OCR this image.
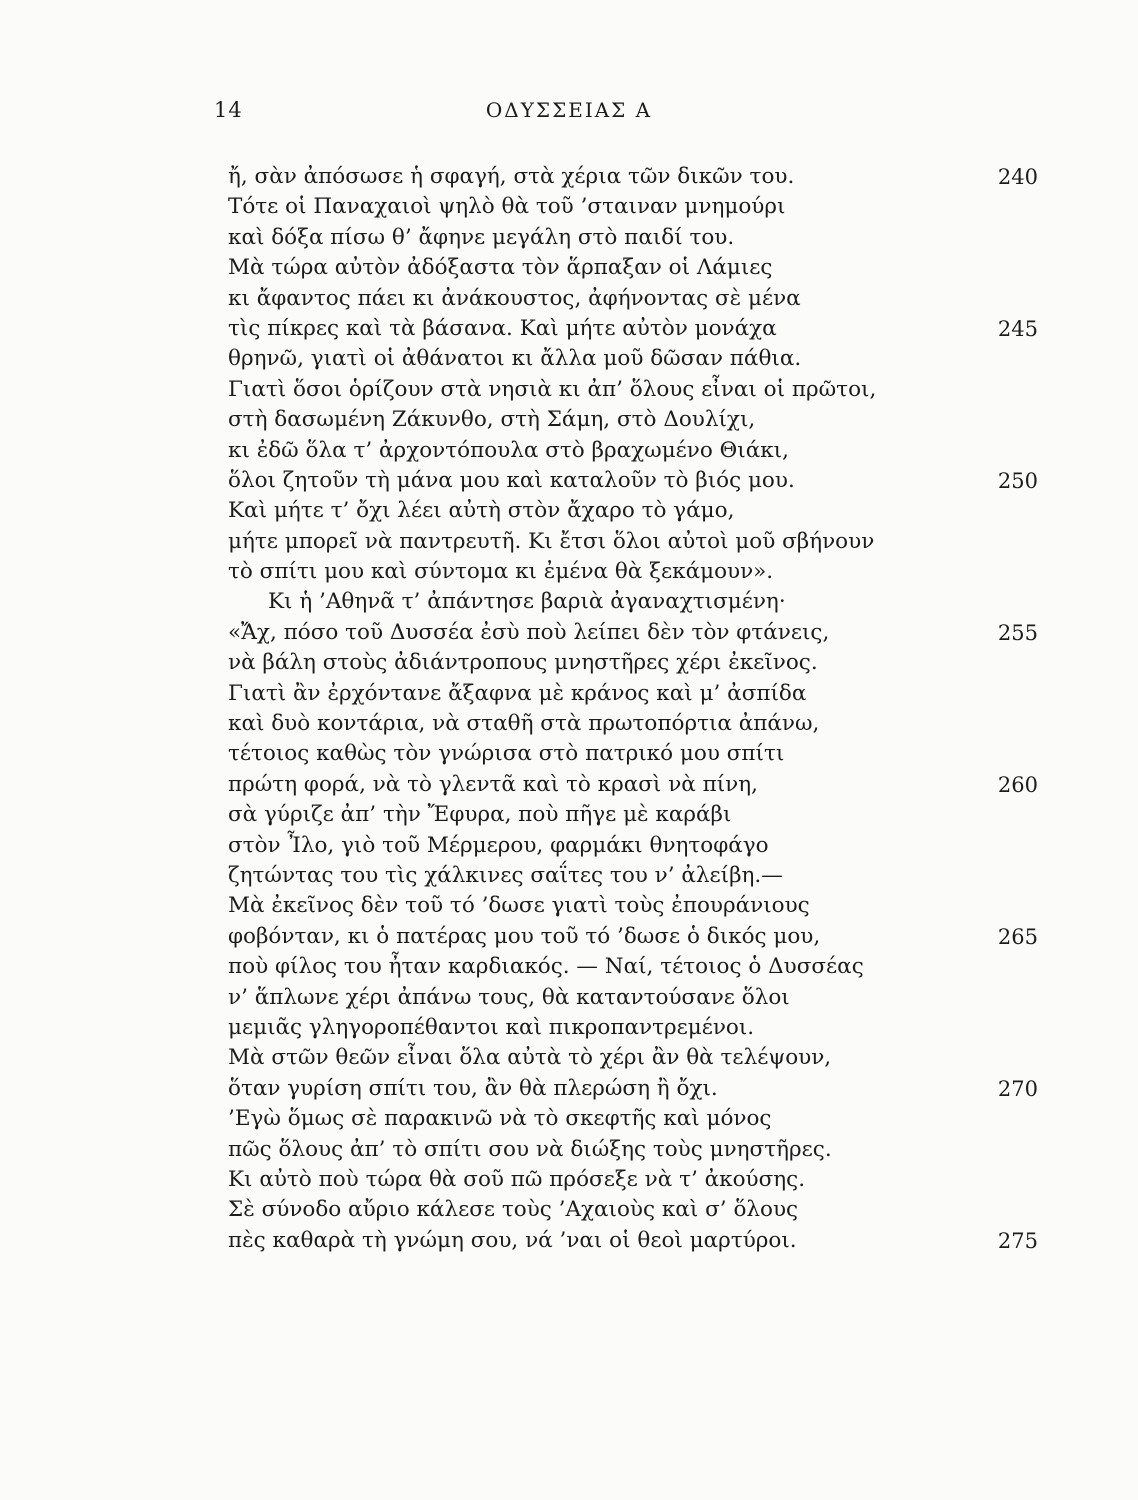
14	ΟΔΥΣΣΕΙΑΣ Α
ἤ, σὰν ἀπόσωσε ἡ σφαγή, στὰ χέρια τῶν δικῶν του.	240
Τότε οἱ Παναχαιοὶ ψηλὸ θὰ τοῦ ’σταιναν μνημούρι
καὶ δόξα πίσω θ’ ἄφηνε μεγάλη στὸ παιδί του.
Μὰ τώρα αὐτὸν ἀδόξαστα τὸν ἅρπαξαν οἱ Λάμιες
κι ἄφαντος πάει κι ἀνάκουστος, ἀφήνοντας σὲ μένα
τὶς πίκρες καὶ τὰ βάσανα. Καὶ μήτε αὐτὸν μονάχα	245
θρηνῶ, γιατὶ οἱ ἀθάνατοι κι ἄλλα μοῦ δῶσαν πάθια.
Γιατὶ ὅσοι ὁρίζουν στὰ νησιὰ κι ἀπ’ ὅλους εἶναι οἱ πρῶτοι,
στὴ δασωμένη Ζάκυνθο, στὴ Σάμη, στὸ Δουλίχι,
κι ἐδῶ ὅλα τ’ ἀρχοντόπουλα στὸ βραχωμένο Θιάκι,
ὅλοι ζητοῦν τὴ μάνα μου καὶ καταλοῦν τὸ βιός μου.	250
Καὶ μήτε τ’ ὄχι λέει αὐτὴ στὸν ἄχαρο τὸ γάμο,
μήτε μπορεῖ νὰ παντρευτῆ. Κι ἔτσι ὅλοι αὐτοὶ μοῦ σβήνουν
τὸ σπίτι μου καὶ σύντομα κι ἐμένα θὰ ξεκάμουν».
Κι ἡ ’Αθηνᾶ τ’ ἀπάντησε βαριὰ ἀγαναχτισμένη·
«Ἄχ, πόσο τοῦ Δυσσέα ἐσὺ ποὺ λείπει δὲν τὸν φτάνεις,	255
νὰ βάλη στοὺς ἀδιάντροπους μνηστῆρες χέρι ἐκεῖνος.
Γιατὶ ἂν ἐρχόντανε ἄξαφνα μὲ κράνος καὶ μ’ ἀσπίδα
καὶ δυὸ κοντάρια, νὰ σταθῆ στὰ πρωτοπόρτια ἀπάνω,
τέτοιος καθὼς τὸν γνώρισα στὸ πατρικό μου σπίτι
πρώτη φορά, νὰ τὸ γλεντᾶ καὶ τὸ κρασὶ νὰ πίνη,	260
σὰ γύριζε ἀπ’ τὴν Ἔφυρα, ποὺ πῆγε μὲ καράβι
στὸν Ἶλο, γιὸ τοῦ Μέρμερου, φαρμάκι θνητοφάγο
ζητώντας του τὶς χάλκινες σαΐτες του ν’ ἀλείβη.—
Μὰ ἐκεῖνος δὲν τοῦ τό ’δωσε γιατὶ τοὺς ἐπουράνιους
φοβόνταν, κι ὁ πατέρας μου τοῦ τό ’δωσε ὁ δικός μου,	265
ποὺ φίλος του ἦταν καρδιακός. — Ναί, τέτοιος ὁ Δυσσέας
ν’ ἅπλωνε χέρι ἀπάνω τους, θὰ καταντούσανε ὅλοι
μεμιᾶς γληγοροπέθαντοι καὶ πικροπαντρεμένοι.
Μὰ στῶν θεῶν εἶναι ὅλα αὐτὰ τὸ χέρι ἂν θὰ τελέψουν,
ὅταν γυρίση σπίτι του, ἂν θὰ πλερώση ἢ ὄχι.	270
’Εγὼ ὅμως σὲ παρακινῶ νὰ τὸ σκεφτῆς καὶ μόνος
πῶς ὅλους ἀπ’ τὸ σπίτι σου νὰ διώξης τοὺς μνηστῆρες.
Κι αὐτὸ ποὺ τώρα θὰ σοῦ πῶ πρόσεξε νὰ τ’ ἀκούσης.
Σὲ σύνοδο αὔριο κάλεσε τοὺς ’Αχαιοὺς καὶ σ’ ὅλους
πὲς καθαρὰ τὴ γνώμη σου, νά ’ναι οἱ θεοὶ μαρτύροι.	275
